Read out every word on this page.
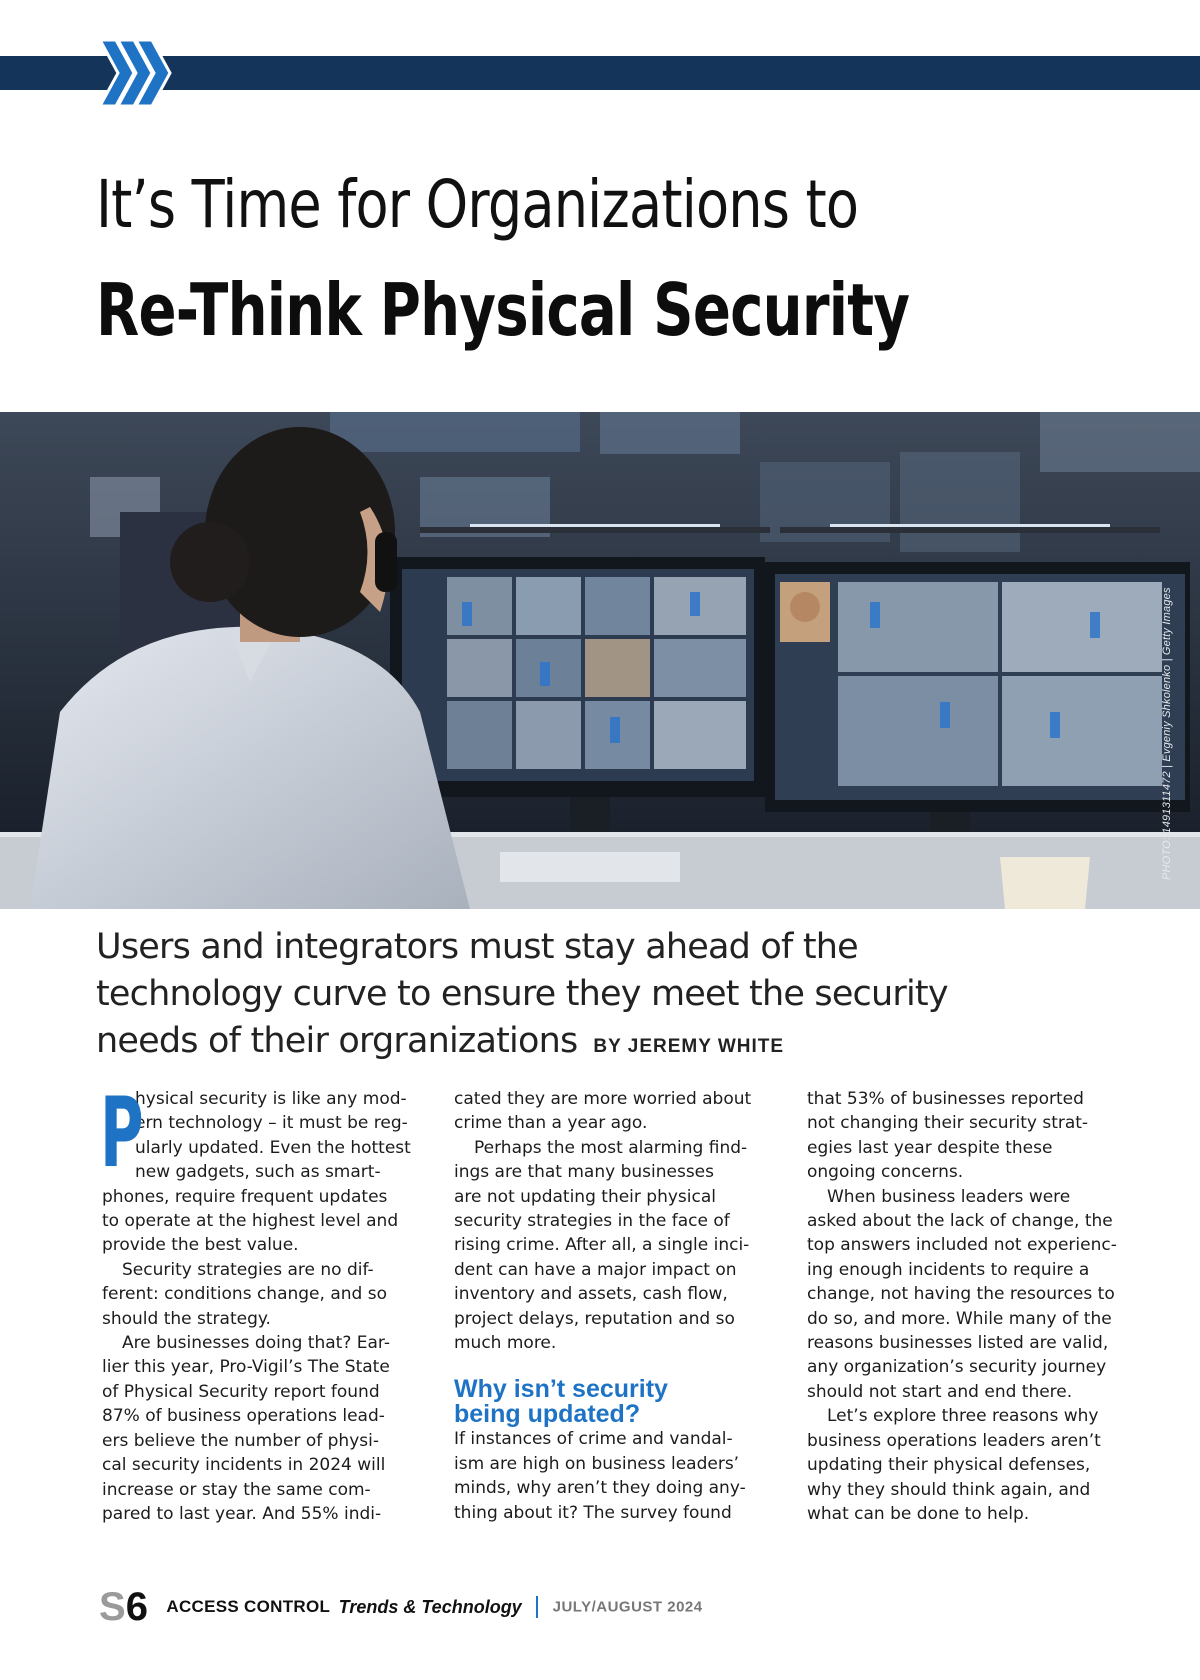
It’s Time for Organizations to
Re-Think Physical Security
PHOTO: 1491311472 | Evgeniy Shkolenko | Getty Images
Users and integrators must stay ahead of the
technology curve to ensure they meet the security
needs of their orgranizations BY JEREMY WHITE
P
hysical security is like any mod-
ern technology – it must be reg-
ularly updated. Even the hottest
new gadgets, such as smart-
phones, require frequent updates
to operate at the highest level and
provide the best value.
Security strategies are no dif-
ferent: conditions change, and so
should the strategy.
Are businesses doing that? Ear-
lier this year, Pro-Vigil’s The State
of Physical Security report found
87% of business operations lead-
ers believe the number of physi-
cal security incidents in 2024 will
increase or stay the same com-
pared to last year. And 55% indi-
cated they are more worried about
crime than a year ago.
Perhaps the most alarming find-
ings are that many businesses
are not updating their physical
security strategies in the face of
rising crime. After all, a single inci-
dent can have a major impact on
inventory and assets, cash flow,
project delays, reputation and so
much more.
Why isn’t security
being updated?
If instances of crime and vandal-
ism are high on business leaders’
minds, why aren’t they doing any-
thing about it? The survey found
that 53% of businesses reported
not changing their security strat-
egies last year despite these
ongoing concerns.
When business leaders were
asked about the lack of change, the
top answers included not experienc-
ing enough incidents to require a
change, not having the resources to
do so, and more. While many of the
reasons businesses listed are valid,
any organization’s security journey
should not start and end there.
Let’s explore three reasons why
business operations leaders aren’t
updating their physical defenses,
why they should think again, and
what can be done to help.
S6 ACCESS CONTROL Trends & Technology JULY/AUGUST 2024
